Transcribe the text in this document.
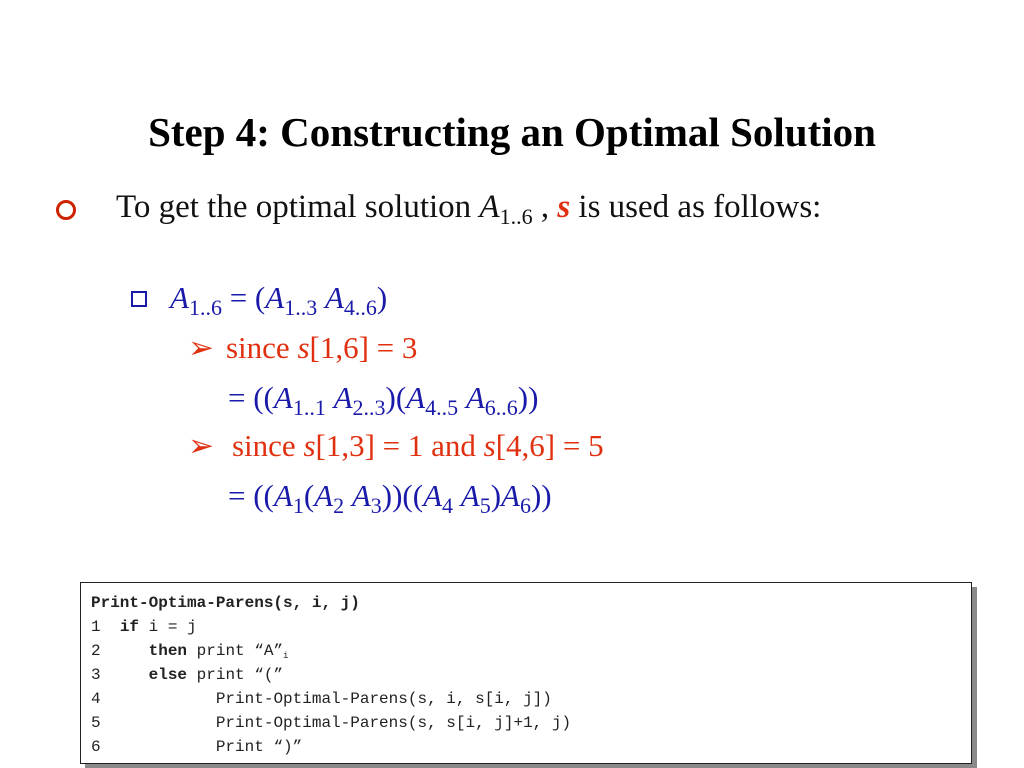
Step 4: Constructing an Optimal Solution
To get the optimal solution $A_{1..6}$ , s is used as follows:
$A_{1..6} = (A_{1..3}$ $A_{4..6}$)
➢ since s[1,6] = 3
= (($A_{1..1}$ $A_{2..3})(A_{4..5}$ $A_{6..6}$))
➢ since s[1,3] = 1 and s[4,6] = 5
= (($A_1(A_2$ $A_3))((A_4$ $A_5)A_6$))
Print-Optima-Parens(s, i, j)
1 if i = j
2	then print “A”i
3	else print “(”
4	Print-Optimal-Parens(s, i, s[i, j])
5	Print-Optimal-Parens(s, s[i, j]+1, j)
6	Print “)”
